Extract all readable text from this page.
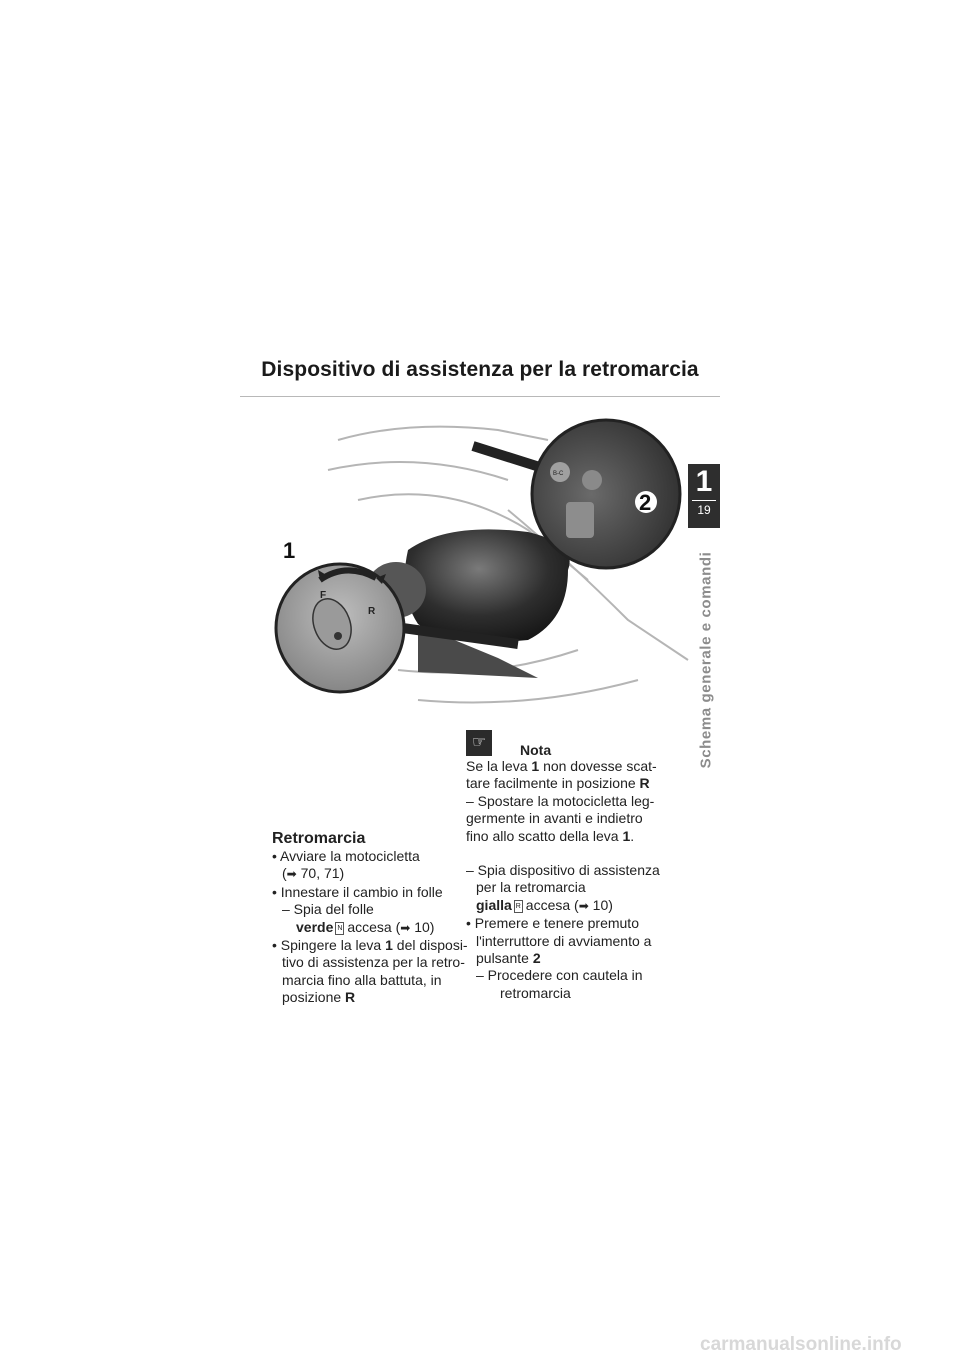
Dispositivo di assistenza per la retromarcia
1
19
Schema generale e comandi
F
R
B-C
1
2
Retromarcia
• Avviare la motocicletta
(➡ 70, 71)
• Innestare il cambio in folle
– Spia del folle
verde N accesa (➡ 10)
• Spingere la leva 1 del disposi-
tivo di assistenza per la retro-
marcia fino alla battuta, in
posizione R
☞	Nota
Se la leva 1 non dovesse scat-
tare facilmente in posizione R
– Spostare la motocicletta leg-
germente in avanti e indietro
fino allo scatto della leva 1.
– Spia dispositivo di assistenza
per la retromarcia
gialla R accesa (➡ 10)
• Premere e tenere premuto
l'interruttore di avviamento a
pulsante 2
– Procedere con cautela in
retromarcia
carmanualsonline.info
